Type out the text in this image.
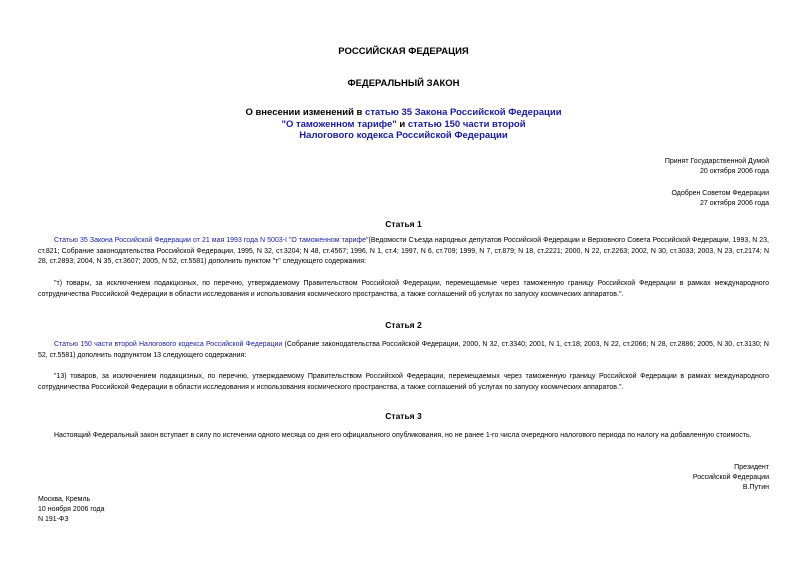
РОССИЙСКАЯ ФЕДЕРАЦИЯ
ФЕДЕРАЛЬНЫЙ ЗАКОН
О внесении изменений в статью 35 Закона Российской Федерации
"О таможенном тарифе" и статью 150 части второй
Налогового кодекса Российской Федерации
Принят Государственной Думой
20 октября 2006 года
Одобрен Советом Федерации
27 октября 2006 года
Статья 1
Статью 35 Закона Российской Федерации от 21 мая 1993 года N 5003-I "О таможенном тарифе"(Ведомости Съезда народных депутатов Российской Федерации и Верховного Совета Российской Федерации, 1993, N 23, ст.821; Собрание законодательства Российской Федерации, 1995, N 32, ст.3204; N 48, ст.4567; 1996, N 1, ст.4; 1997, N 6, ст.709; 1999, N 7, ст.879; N 18, ст.2221; 2000, N 22, ст.2263; 2002, N 30, ст.3033; 2003, N 23, ст.2174; N 28, ст.2893; 2004, N 35, ст.3607; 2005, N 52, ст.5581) дополнить пунктом "т" следующего содержания:
"т) товары, за исключением подакцизных, по перечню, утверждаемому Правительством Российской Федерации, перемещаемые через таможенную границу Российской Федерации в рамках международного сотрудничества Российской Федерации в области исследования и использования космического пространства, а также соглашений об услугах по запуску космических аппаратов.".
Статья 2
Статью 150 части второй Налогового кодекса Российской Федерации (Собрание законодательства Российской Федерации, 2000, N 32, ст.3340; 2001, N 1, ст.18; 2003, N 22, ст.2066; N 28, ст.2886; 2005, N 30, ст.3130; N 52, ст.5581) дополнить подпунктом 13 следующего содержания:
"13) товаров, за исключением подакцизных, по перечню, утверждаемому Правительством Российской Федерации, перемещаемых через таможенную границу Российской Федерации в рамках международного сотрудничества Российской Федерации в области исследования и использования космического пространства, а также соглашений об услугах по запуску космических аппаратов.".
Статья 3
Настоящий Федеральный закон вступает в силу по истечении одного месяца со дня его официального опубликования, но не ранее 1-го числа очередного налогового периода по налогу на добавленную стоимость.
Президент
Российской Федерации
В.Путин
Москва, Кремль
10 ноября 2006 года
N 191-ФЗ
